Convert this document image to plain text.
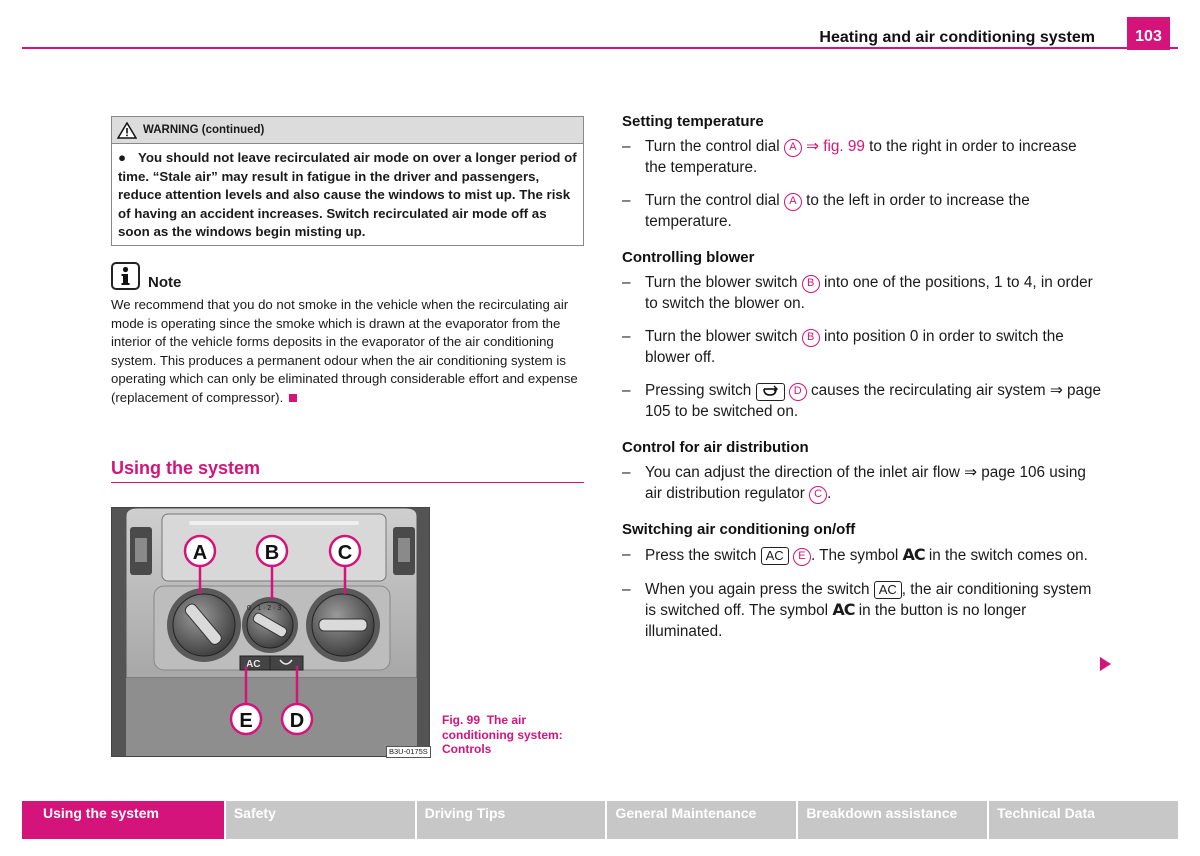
Heating and air conditioning system	103
WARNING (continued)
● You should not leave recirculated air mode on over a longer period of time. “Stale air” may result in fatigue in the driver and passengers, reduce attention levels and also cause the windows to mist up. The risk of having an accident increases. Switch recirculated air mode off as soon as the windows begin misting up.
Note
We recommend that you do not smoke in the vehicle when the recirculating air mode is operating since the smoke which is drawn at the evaporator from the interior of the vehicle forms deposits in the evaporator of the air conditioning system. This produces a permanent odour when the air conditioning system is operating which can only be eliminated through considerable effort and expense (replacement of compressor).
Using the system
0 · 1 · 2 · 3
AC
A	B	C
E D
B3U-0175S
Fig. 99 The air conditioning system: Controls
Setting temperature
– Turn the control dial A ⇒ fig. 99 to the right in order to increase the temperature.
– Turn the control dial A to the left in order to increase the temperature.
Controlling blower
– Turn the blower switch B into one of the positions, 1 to 4, in order to switch the blower on.
– Turn the blower switch B into position 0 in order to switch the blower off.
– Pressing switch	D causes the recirculating air system ⇒ page 105 to be switched on.
Control for air distribution
– You can adjust the direction of the inlet air flow ⇒ page 106 using air distribution regulator C .
Switching air conditioning on/off
– Press the switch AC E . The symbol AC in the switch comes on.
– When you again press the switch AC , the air conditioning system is switched off. The symbol AC in the button is no longer illuminated.
Using the system	Safety	Driving Tips	General Maintenance	Breakdown assistance	Technical Data
